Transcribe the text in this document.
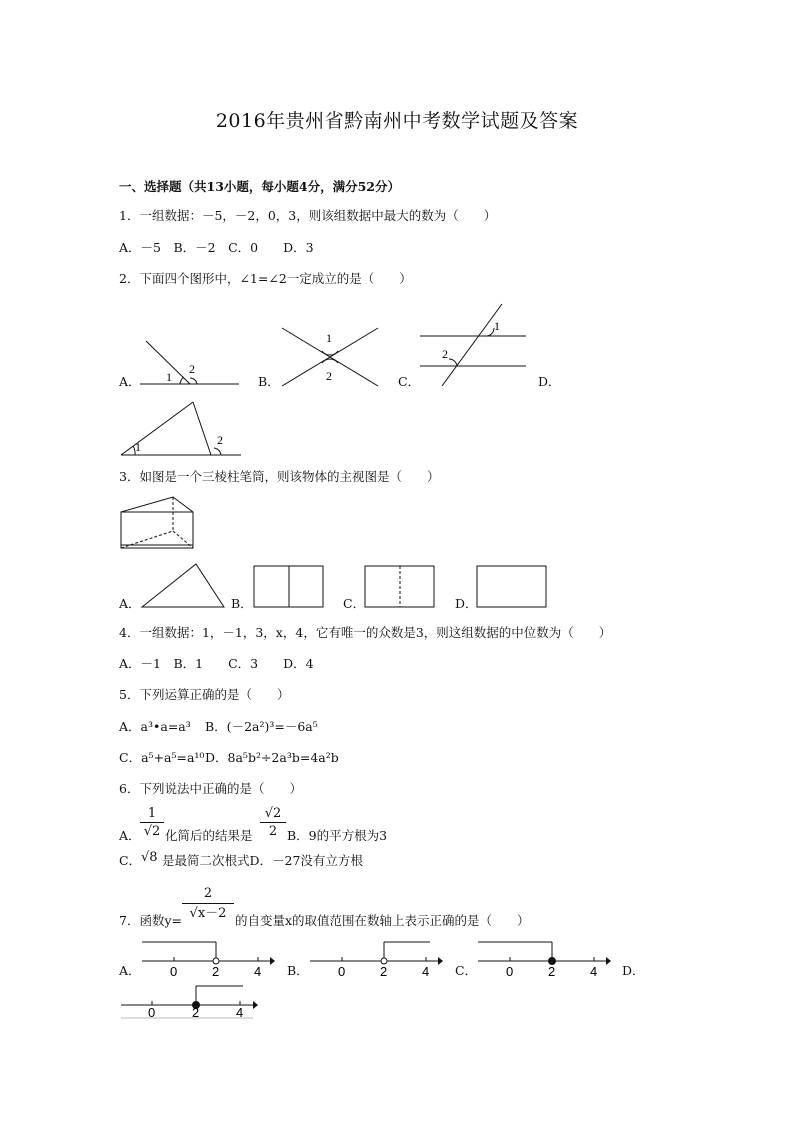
2016年贵州省黔南州中考数学试题及答案
一、选择题（共13小题，每小题4分，满分52分）
1．一组数据：－5，－2，0，3，则该组数据中最大的数为（　　）
A．－5　B．－2　C．0　　D．3
2．下面四个图形中，∠1=∠2一定成立的是（　　）
A． 1
2
B．
1
2	C．
1
2
D．
1	2
3．如图是一个三棱柱笔筒，则该物体的主视图是（　　）
A．	B．	C．	D．
4．一组数据：1，－1，3，x，4，它有唯一的众数是3，则这组数据的中位数为（　　）
A．－1　B．1　　C．3　　D．4
5．下列运算正确的是（　　）
A．a³•a=a³ B．(－2a²)³=－6a⁵
C．a⁵+a⁵=a¹⁰ D．8a⁵b²÷2a³b=4a²b
6．下列说法中正确的是（　　）
A．
1
√2 化简后的结果是
√2
2 B．9的平方根为3
C． √8 是最简二次根式D．－27没有立方根
7．函数y=
2
√x－2 的自变量x的取值范围在数轴上表示正确的是（　　）
A． 0	2	4 B． 0	2	4 C． 0	2	4 D．
0	2	4
